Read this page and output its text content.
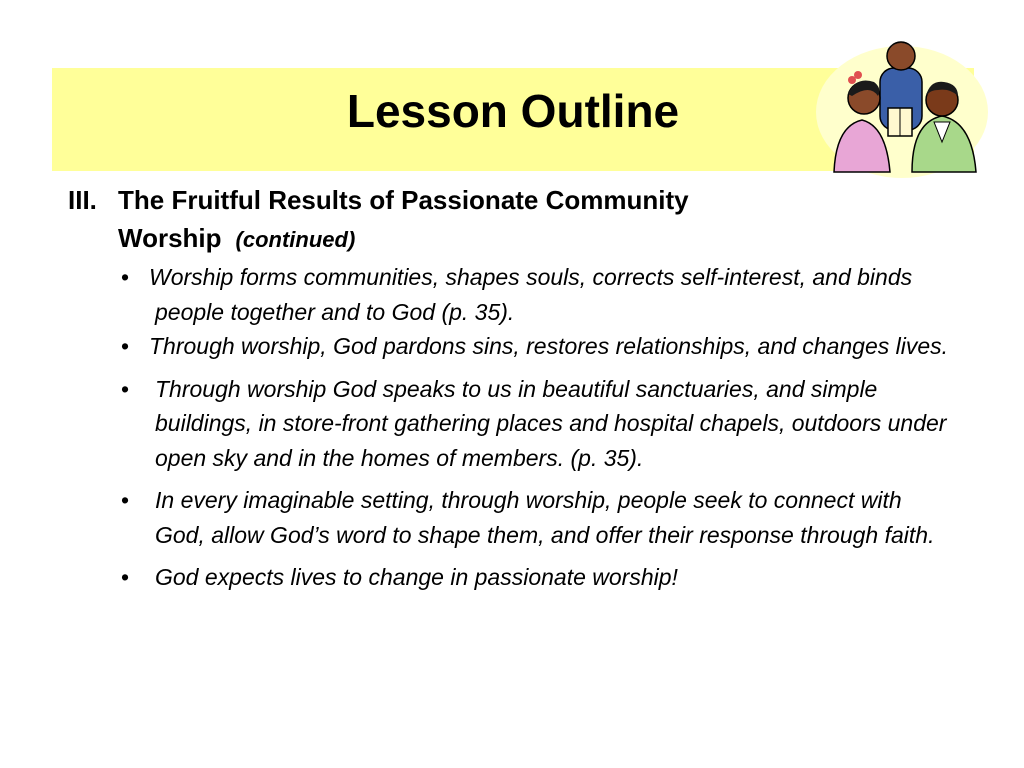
Lesson Outline
III. The Fruitful Results of Passionate Community
Worship (continued)
• Worship forms communities, shapes souls, corrects self-interest, and binds people together and to God (p. 35).
• Through worship, God pardons sins, restores relationships, and changes lives.
• Through worship God speaks to us in beautiful sanctuaries, and simple buildings, in store-front gathering places and hospital chapels, outdoors under open sky and in the homes of members. (p. 35).
• In every imaginable setting, through worship, people seek to connect with God, allow God’s word to shape them, and offer their response through faith.
• God expects lives to change in passionate worship!
